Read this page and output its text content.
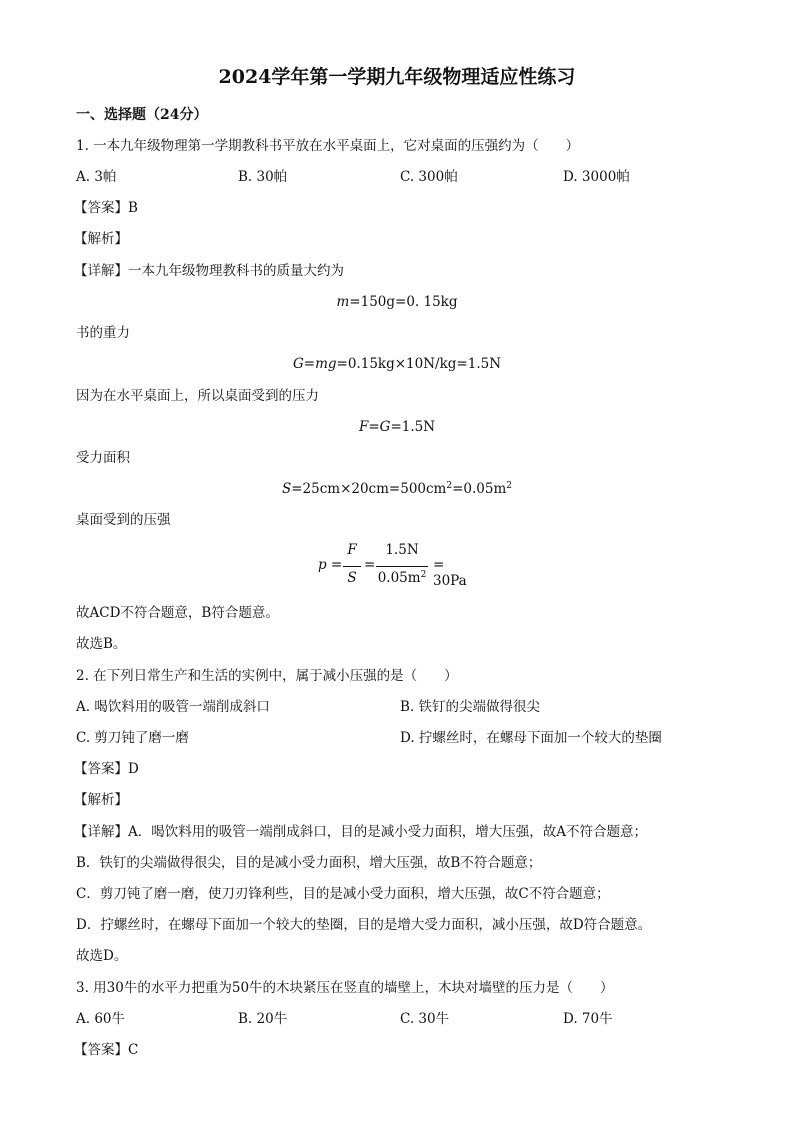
2024学年第一学期九年级物理适应性练习
一、选择题（24分）
1. 一本九年级物理第一学期教科书平放在水平桌面上，它对桌面的压强约为（　　）
A. 3帕	B. 30帕	C. 300帕	D. 3000帕
【答案】B
【解析】
【详解】一本九年级物理教科书的质量大约为
m=150g=0. 15kg
书的重力
G=mg=0.15kg×10N/kg=1.5N
因为在水平桌面上，所以桌面受到的压力
F=G=1.5N
受力面积
$S=25cm\times 20cm=500cm^2=0.05m^2$
桌面受到的压强
p =
F
S
=
1.5N
$0.05m^2$
= 30Pa
故ACD不符合题意，B符合题意。
故选B。
2. 在下列日常生产和生活的实例中，属于减小压强的是（　　）
A. 喝饮料用的吸管一端削成斜口	B. 铁钉的尖端做得很尖
C. 剪刀钝了磨一磨	D. 拧螺丝时，在螺母下面加一个较大的垫圈
【答案】D
【解析】
【详解】A．喝饮料用的吸管一端削成斜口，目的是减小受力面积，增大压强，故A不符合题意；
B．铁钉的尖端做得很尖，目的是减小受力面积，增大压强，故B不符合题意；
C．剪刀钝了磨一磨，使刀刃锋利些，目的是减小受力面积，增大压强，故C不符合题意；
D．拧螺丝时，在螺母下面加一个较大的垫圈，目的是增大受力面积，减小压强，故D符合题意。
故选D。
3. 用30牛的水平力把重为50牛的木块紧压在竖直的墙壁上，木块对墙壁的压力是（　　）
A. 60牛	B. 20牛	C. 30牛	D. 70牛
【答案】C
